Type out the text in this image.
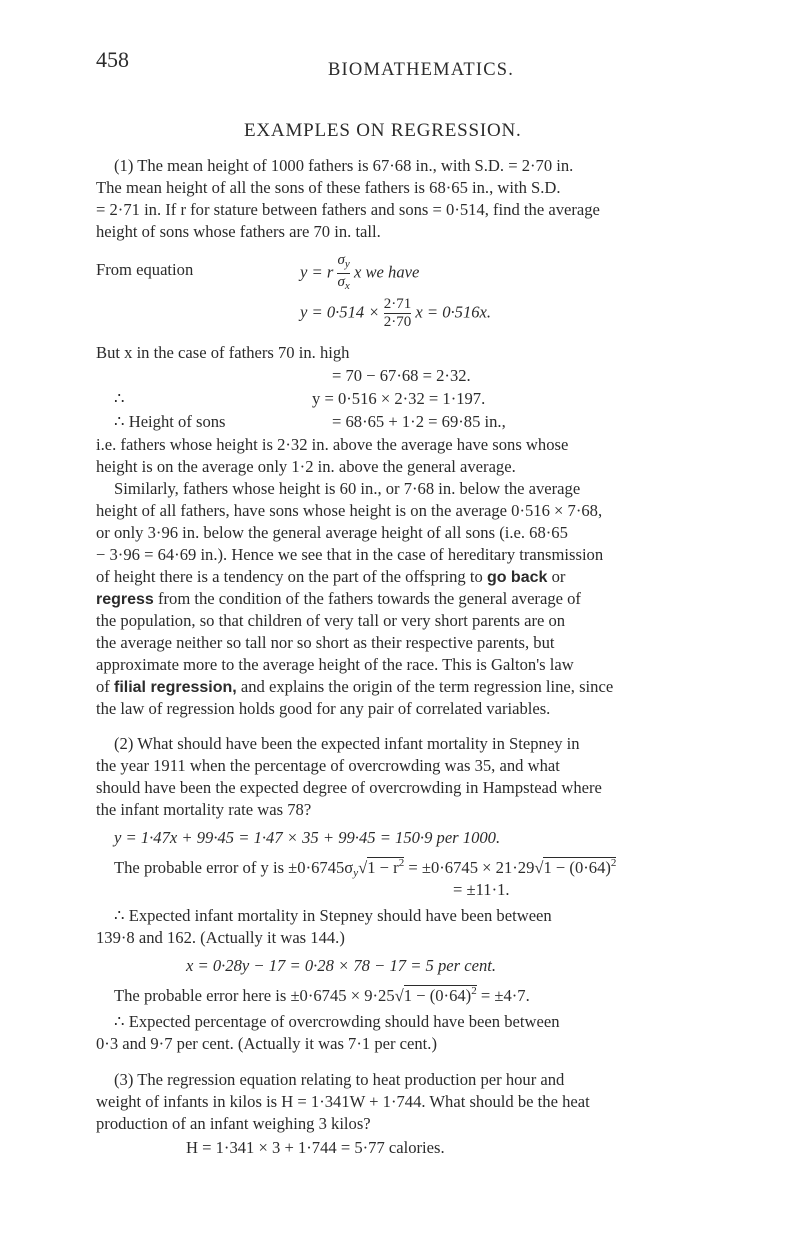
458	BIOMATHEMATICS.
EXAMPLES ON REGRESSION.
(1) The mean height of 1000 fathers is 67·68 in., with S.D. = 2·70 in.
The mean height of all the sons of these fathers is 68·65 in., with S.D.
= 2·71 in. If r for stature between fathers and sons = 0·514, find the average
height of sons whose fathers are 70 in. tall.
From equation	y = r $\frac{\sigma_y}{\sigma_x}$ x we have
$y = 0\cdot 514 \times \frac{2\cdot 71}{2\cdot 70}$ x = 0·516x.
But x in the case of fathers 70 in. high
= 70 − 67·68 = 2·32.
∴	y = 0·516 × 2·32 = 1·197.
∴ Height of sons	= 68·65 + 1·2 = 69·85 in.,
i.e. fathers whose height is 2·32 in. above the average have sons whose
height is on the average only 1·2 in. above the general average.
Similarly, fathers whose height is 60 in., or 7·68 in. below the average
height of all fathers, have sons whose height is on the average 0·516 × 7·68,
or only 3·96 in. below the general average height of all sons (i.e. 68·65
− 3·96 = 64·69 in.). Hence we see that in the case of hereditary transmission
of height there is a tendency on the part of the offspring to go back or
regress from the condition of the fathers towards the general average of
the population, so that children of very tall or very short parents are on
the average neither so tall nor so short as their respective parents, but
approximate more to the average height of the race. This is Galton's law
of filial regression, and explains the origin of the term regression line, since
the law of regression holds good for any pair of correlated variables.
(2) What should have been the expected infant mortality in Stepney in
the year 1911 when the percentage of overcrowding was 35, and what
should have been the expected degree of overcrowding in Hampstead where
the infant mortality rate was 78?
y = 1·47x + 99·45 = 1·47 × 35 + 99·45 = 150·9 per 1000.
The probable error of y is $\pm 0\cdot 6745\sigma_y√1 - r^2 = \pm 0\cdot 6745 \times 21\cdot 29√1 - (0\cdot 64)^2$
= ±11·1.
∴ Expected infant mortality in Stepney should have been between
139·8 and 162. (Actually it was 144.)
x = 0·28y − 17 = 0·28 × 78 − 17 = 5 per cent.
The probable error here is $\pm 0\cdot 6745 \times 9\cdot 25√1 - (0\cdot 64)^2 = \pm 4\cdot 7$.
∴ Expected percentage of overcrowding should have been between
0·3 and 9·7 per cent. (Actually it was 7·1 per cent.)
(3) The regression equation relating to heat production per hour and
weight of infants in kilos is H = 1·341W + 1·744. What should be the heat
production of an infant weighing 3 kilos?
H = 1·341 × 3 + 1·744 = 5·77 calories.
